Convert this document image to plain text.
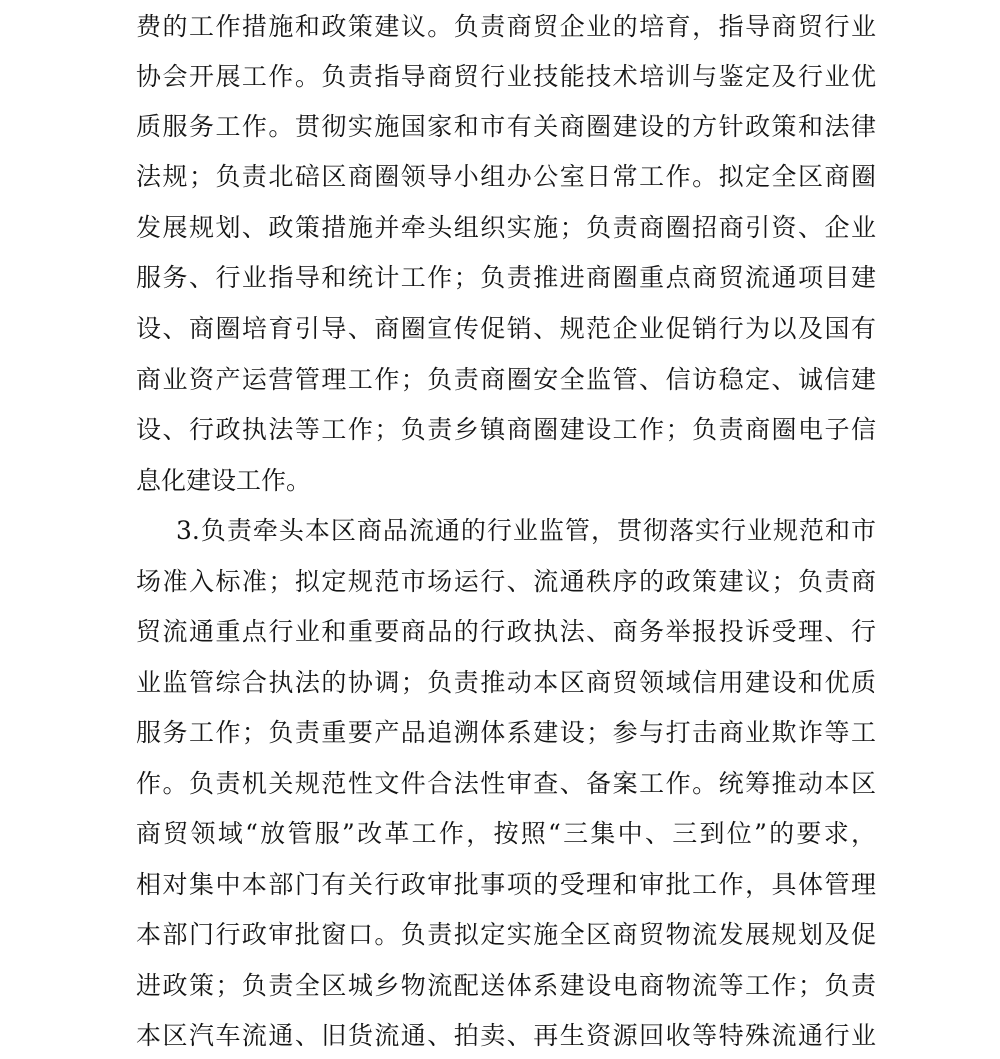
费的工作措施和政策建议。负责商贸企业的培育，指导商贸行业
协会开展工作。负责指导商贸行业技能技术培训与鉴定及行业优
质服务工作。贯彻实施国家和市有关商圈建设的方针政策和法律
法规；负责北碚区商圈领导小组办公室日常工作。拟定全区商圈
发展规划、政策措施并牵头组织实施；负责商圈招商引资、企业
服务、行业指导和统计工作；负责推进商圈重点商贸流通项目建
设、商圈培育引导、商圈宣传促销、规范企业促销行为以及国有
商业资产运营管理工作；负责商圈安全监管、信访稳定、诚信建
设、行政执法等工作；负责乡镇商圈建设工作；负责商圈电子信
息化建设工作。
3.负责牵头本区商品流通的行业监管，贯彻落实行业规范和市
场准入标准；拟定规范市场运行、流通秩序的政策建议；负责商
贸流通重点行业和重要商品的行政执法、商务举报投诉受理、行
业监管综合执法的协调；负责推动本区商贸领域信用建设和优质
服务工作；负责重要产品追溯体系建设；参与打击商业欺诈等工
作。负责机关规范性文件合法性审查、备案工作。统筹推动本区
商贸领域“放管服”改革工作，按照“三集中、三到位”的要求，
相对集中本部门有关行政审批事项的受理和审批工作，具体管理
本部门行政审批窗口。负责拟定实施全区商贸物流发展规划及促
进政策；负责全区城乡物流配送体系建设电商物流等工作；负责
本区汽车流通、旧货流通、拍卖、再生资源回收等特殊流通行业
